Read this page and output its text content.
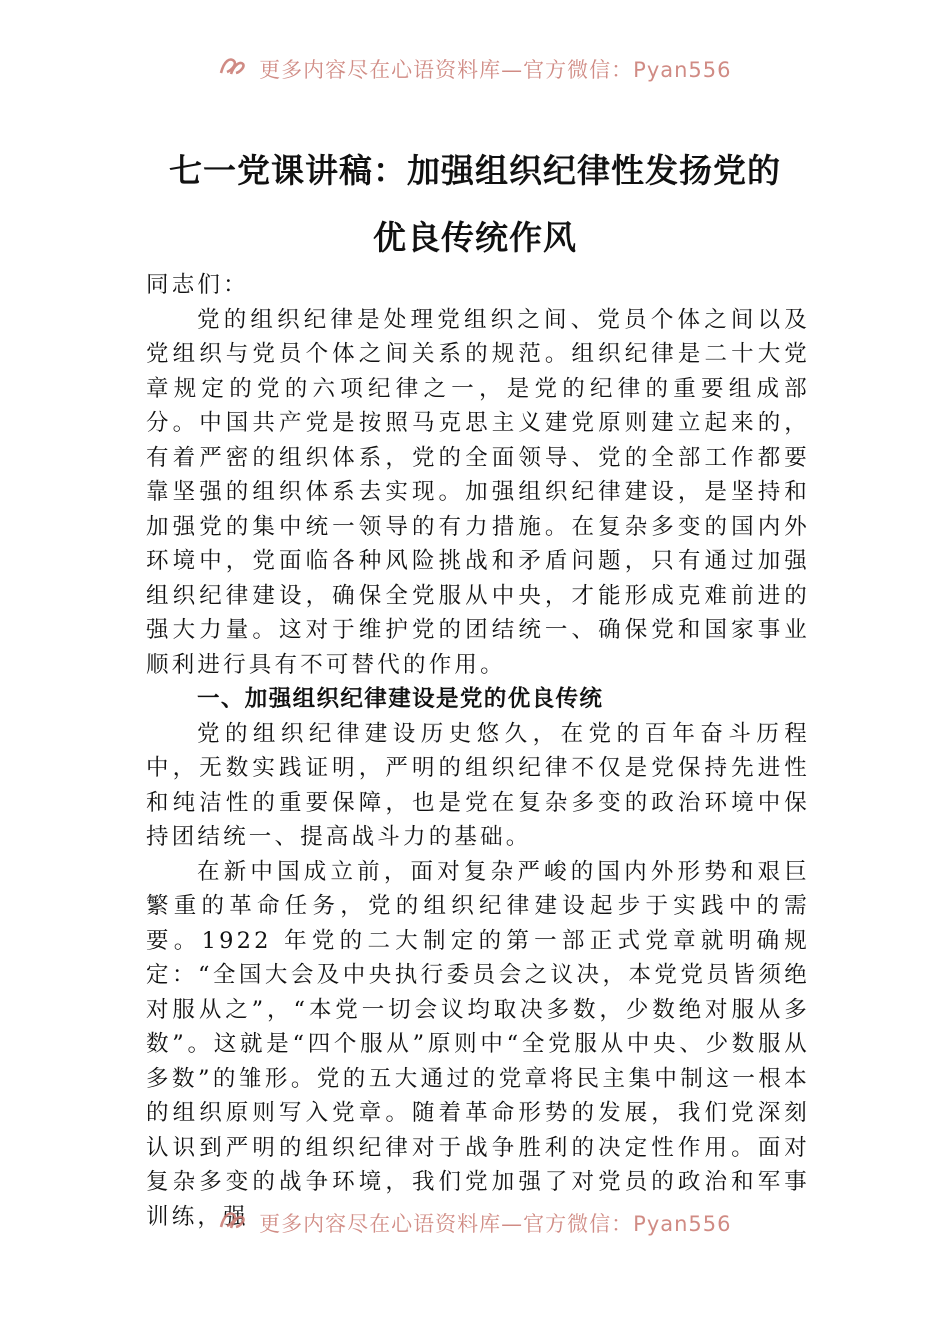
更多内容尽在心语资料库—官方微信：Pyan556
七一党课讲稿：加强组织纪律性发扬党的
优良传统作风

同志们：

党的组织纪律是处理党组织之间、党员个体之间以及党组织与党员个体之间关系的规范。组织纪律是二十大党章规定的党的六项纪律之一，是党的纪律的重要组成部分。中国共产党是按照马克思主义建党原则建立起来的，有着严密的组织体系，党的全面领导、党的全部工作都要靠坚强的组织体系去实现。加强组织纪律建设，是坚持和加强党的集中统一领导的有力措施。在复杂多变的国内外环境中，党面临各种风险挑战和矛盾问题，只有通过加强组织纪律建设，确保全党服从中央，才能形成克难前进的强大力量。这对于维护党的团结统一、确保党和国家事业顺利进行具有不可替代的作用。

一、加强组织纪律建设是党的优良传统

党的组织纪律建设历史悠久，在党的百年奋斗历程中，无数实践证明，严明的组织纪律不仅是党保持先进性和纯洁性的重要保障，也是党在复杂多变的政治环境中保持团结统一、提高战斗力的基础。

在新中国成立前，面对复杂严峻的国内外形势和艰巨繁重的革命任务，党的组织纪律建设起步于实践中的需要。1922 年党的二大制定的第一部正式党章就明确规定：“全国大会及中央执行委员会之议决，本党党员皆须绝对服从之”，“本党一切会议均取决多数，少数绝对服从多数”。这就是“四个服从”原则中“全党服从中央、少数服从多数”的雏形。党的五大通过的党章将民主集中制这一根本的组织原则写入党章。随着革命形势的发展，我们党深刻认识到严明的组织纪律对于战争胜利的决定性作用。面对复杂多变的战争环境，我们党加强了对党员的政治和军事训练，强 更多内容尽在心语资料库—官方微信：Pyan556
